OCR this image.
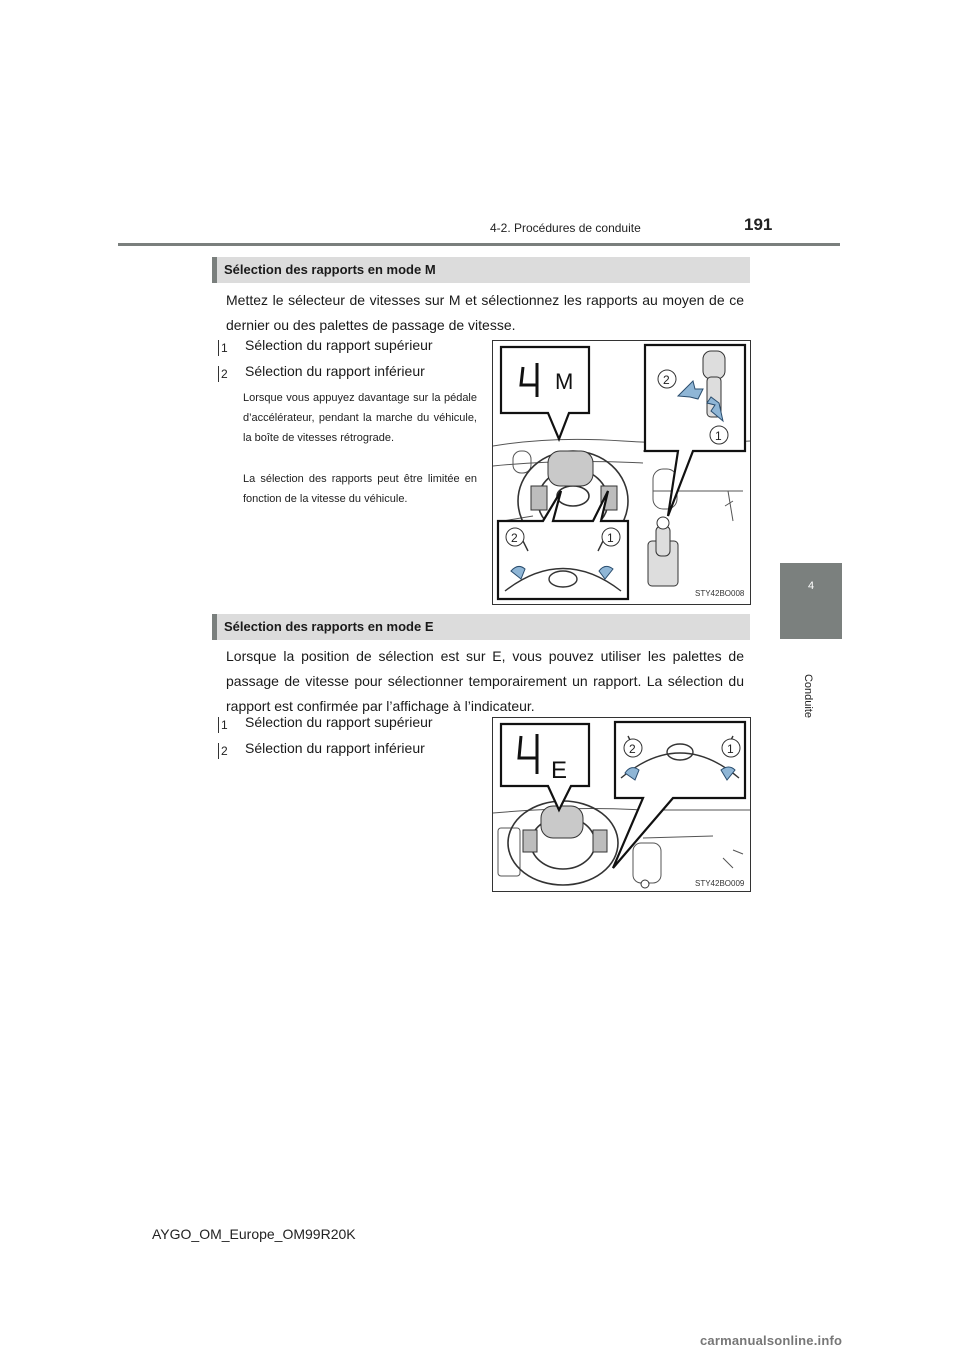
4-2. Procédures de conduite	191
4
Conduite
Sélection des rapports en mode M
Mettez le sélecteur de vitesses sur M et sélectionnez les rapports au moyen de ce dernier ou des palettes de passage de vitesse.
1 Sélection du rapport supérieur
2 Sélection du rapport inférieur
Lorsque vous appuyez davantage sur la pédale d’accélérateur, pendant la marche du véhicule, la boîte de vitesses rétrograde.
La sélection des rapports peut être limitée en fonction de la vitesse du véhicule.
M	2
1
2	1
STY42BO008
Sélection des rapports en mode E
Lorsque la position de sélection est sur E, vous pouvez utiliser les palettes de passage de vitesse pour sélectionner temporairement un rapport. La sélection du rapport est confirmée par l’affichage à l’indicateur.
1 Sélection du rapport supérieur
2 Sélection du rapport inférieur
E
2	1
STY42BO009
AYGO_OM_Europe_OM99R20K
carmanualsonline.info
